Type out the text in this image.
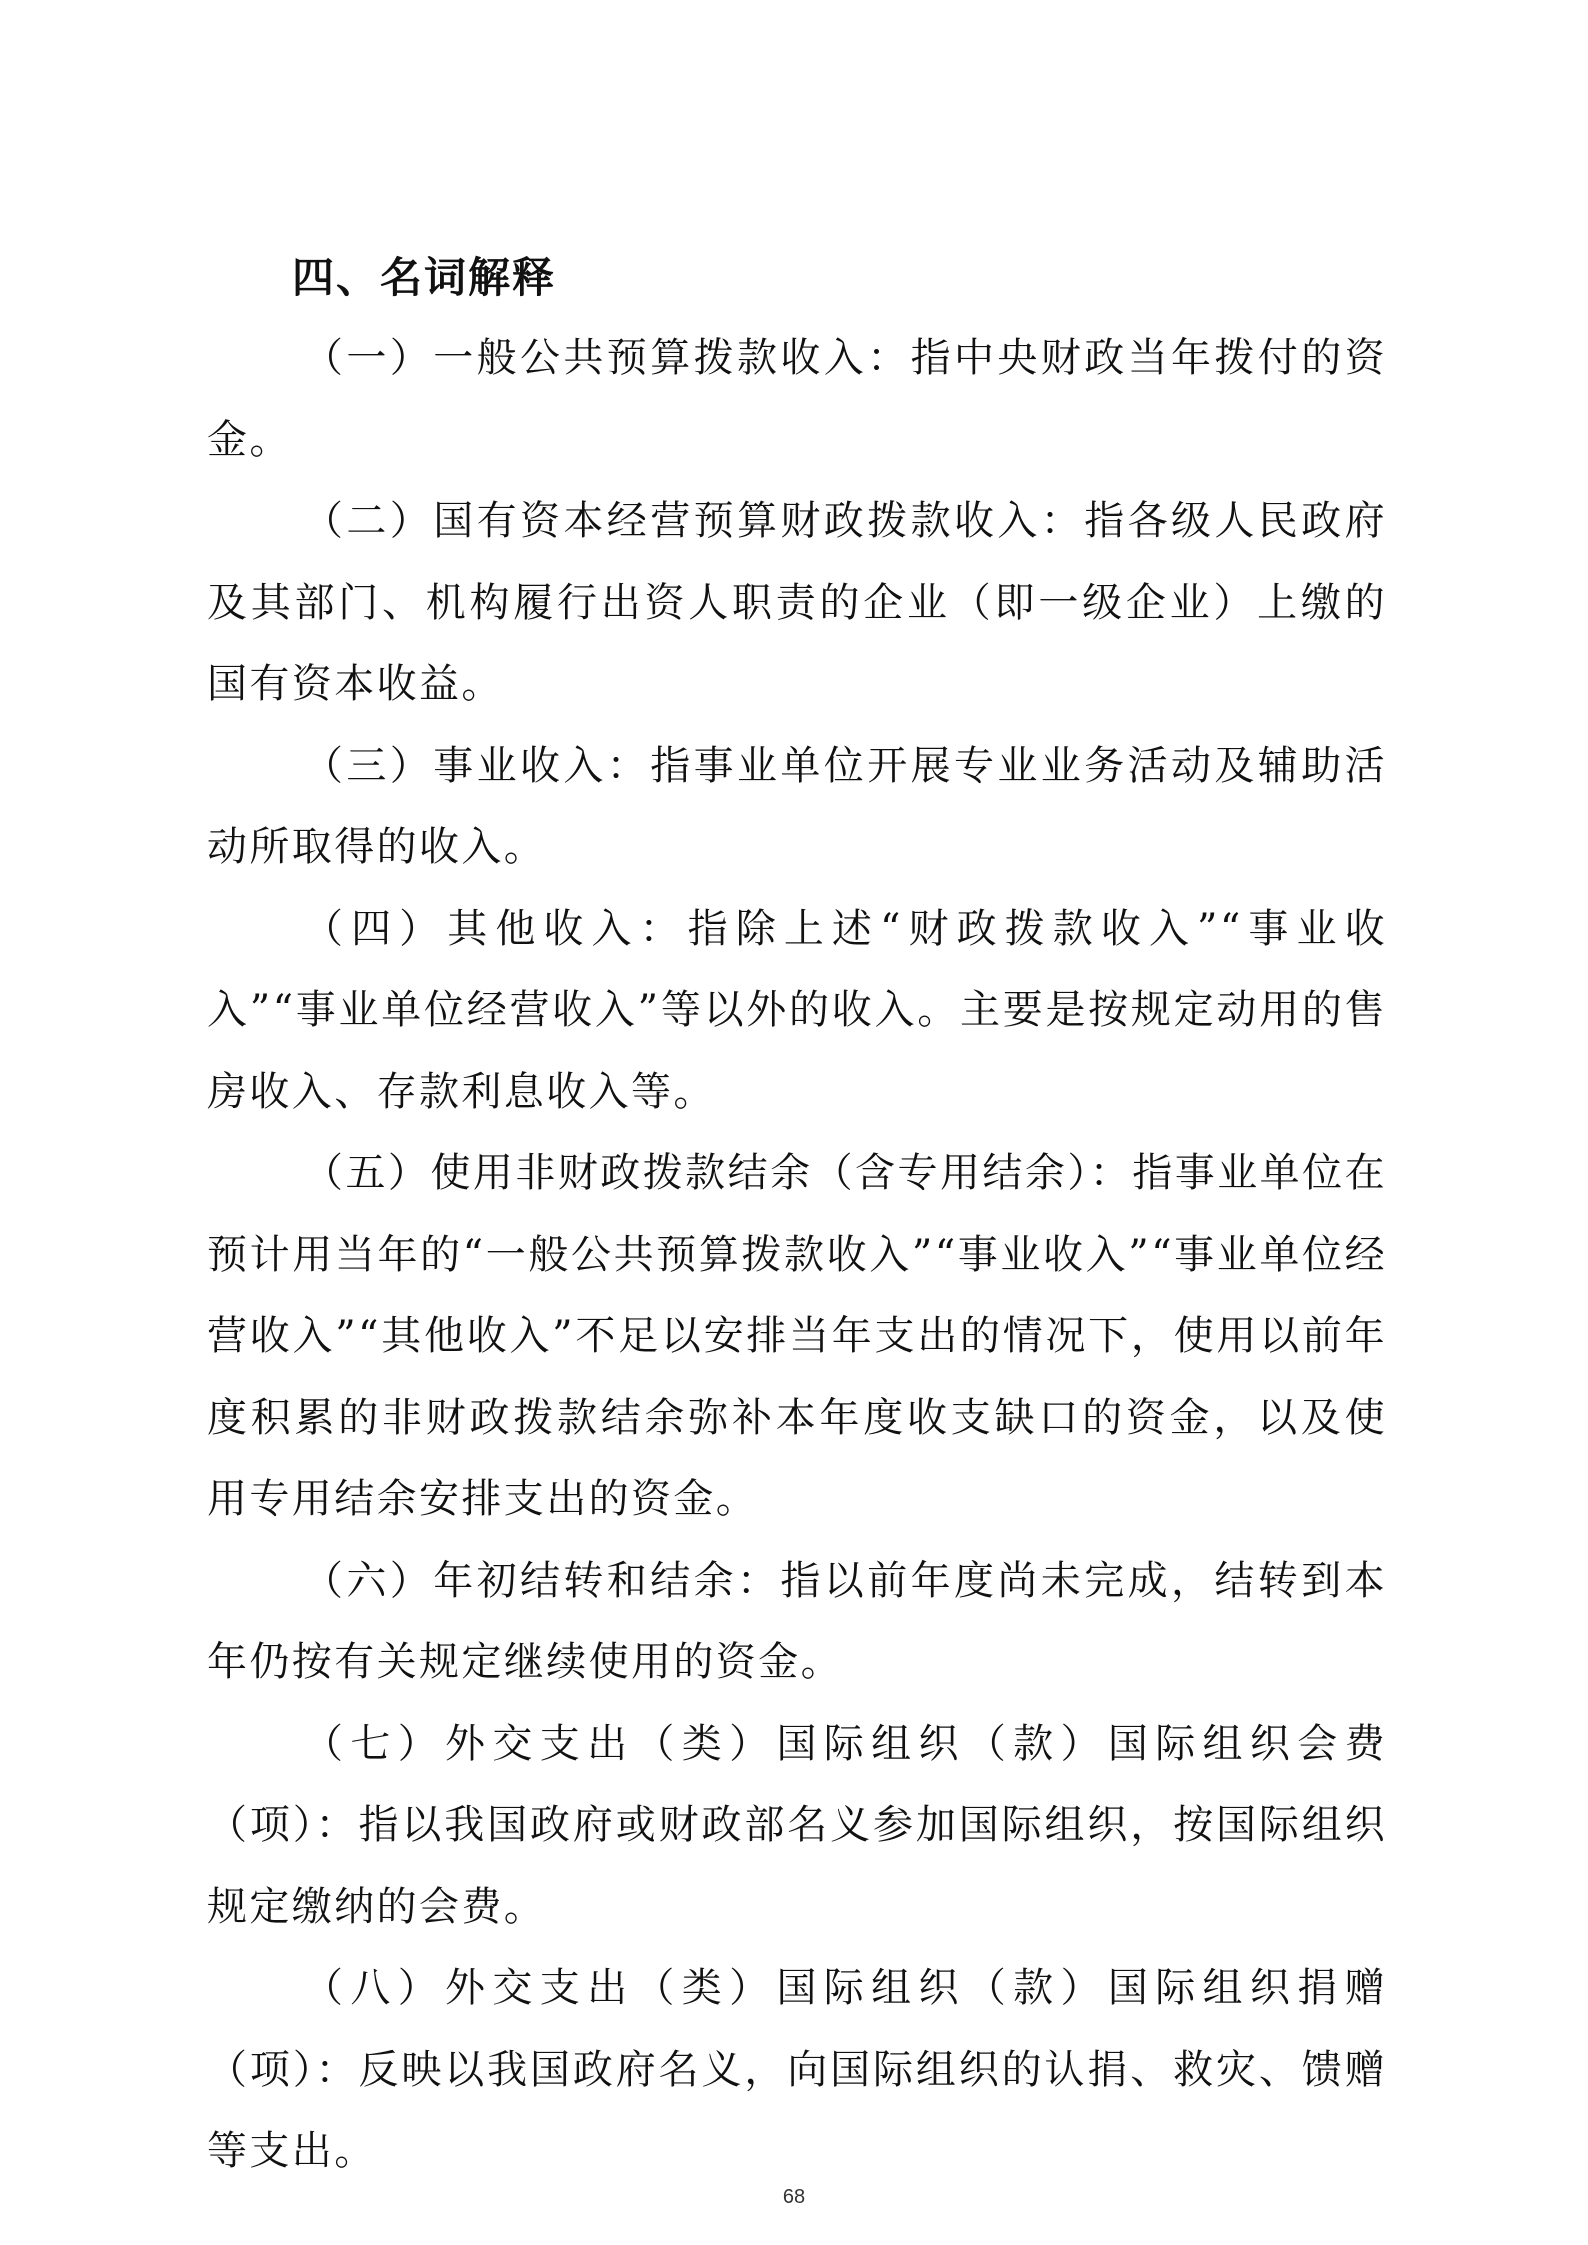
四、名词解释

（一）一般公共预算拨款收入：指中央财政当年拨付的资金。

（二）国有资本经营预算财政拨款收入：指各级人民政府及其部门、机构履行出资人职责的企业（即一级企业）上缴的国有资本收益。

（三）事业收入：指事业单位开展专业业务活动及辅助活动所取得的收入。

（四）其他收入：指除上述“财政拨款收入”“事业收入”“事业单位经营收入”等以外的收入。主要是按规定动用的售房收入、存款利息收入等。

（五）使用非财政拨款结余（含专用结余）：指事业单位在预计用当年的“一般公共预算拨款收入”“事业收入”“事业单位经营收入”“其他收入”不足以安排当年支出的情况下，使用以前年度积累的非财政拨款结余弥补本年度收支缺口的资金，以及使用专用结余安排支出的资金。

（六）年初结转和结余：指以前年度尚未完成，结转到本年仍按有关规定继续使用的资金。

（七）外交支出（类）国际组织（款）国际组织会费（项）：指以我国政府或财政部名义参加国际组织，按国际组织规定缴纳的会费。

（八）外交支出（类）国际组织（款）国际组织捐赠（项）：反映以我国政府名义，向国际组织的认捐、救灾、馈赠等支出。

68
